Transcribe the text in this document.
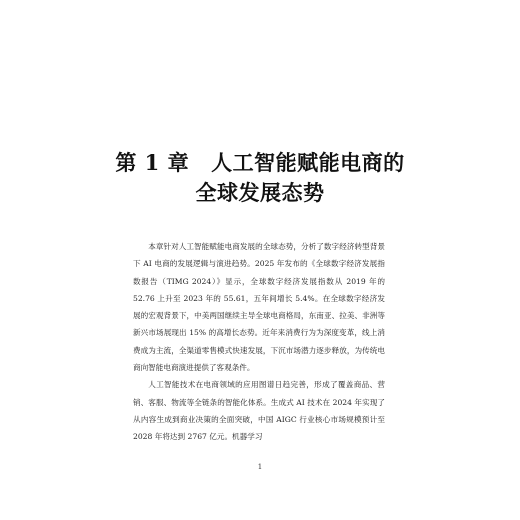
第 1 章 人工智能赋能电商的
全球发展态势

本章针对人工智能赋能电商发展的全球态势，分析了数字经济转型背景下 AI 电商的发展逻辑与演进趋势。2025 年发布的《全球数字经济发展指数报告（TIMG 2024）》显示，全球数字经济发展指数从 2019 年的 52.76 上升至 2023 年的 55.61，五年间增长 5.4%。在全球数字经济发展的宏观背景下，中美两国继续主导全球电商格局，东南亚、拉美、非洲等新兴市场展现出 15% 的高增长态势。近年来消费行为为深度变革，线上消费成为主流，全渠道零售模式快速发展，下沉市场潜力逐步释放，为传统电商向智能电商演进提供了客观条件。

人工智能技术在电商领域的应用图谱日趋完善，形成了覆盖商品、营销、客服、物流等全链条的智能化体系。生成式 AI 技术在 2024 年实现了从内容生成到商业决策的全面突破，中国 AIGC 行业核心市场规模预计至 2028 年将达到 2767 亿元。机器学习

1
